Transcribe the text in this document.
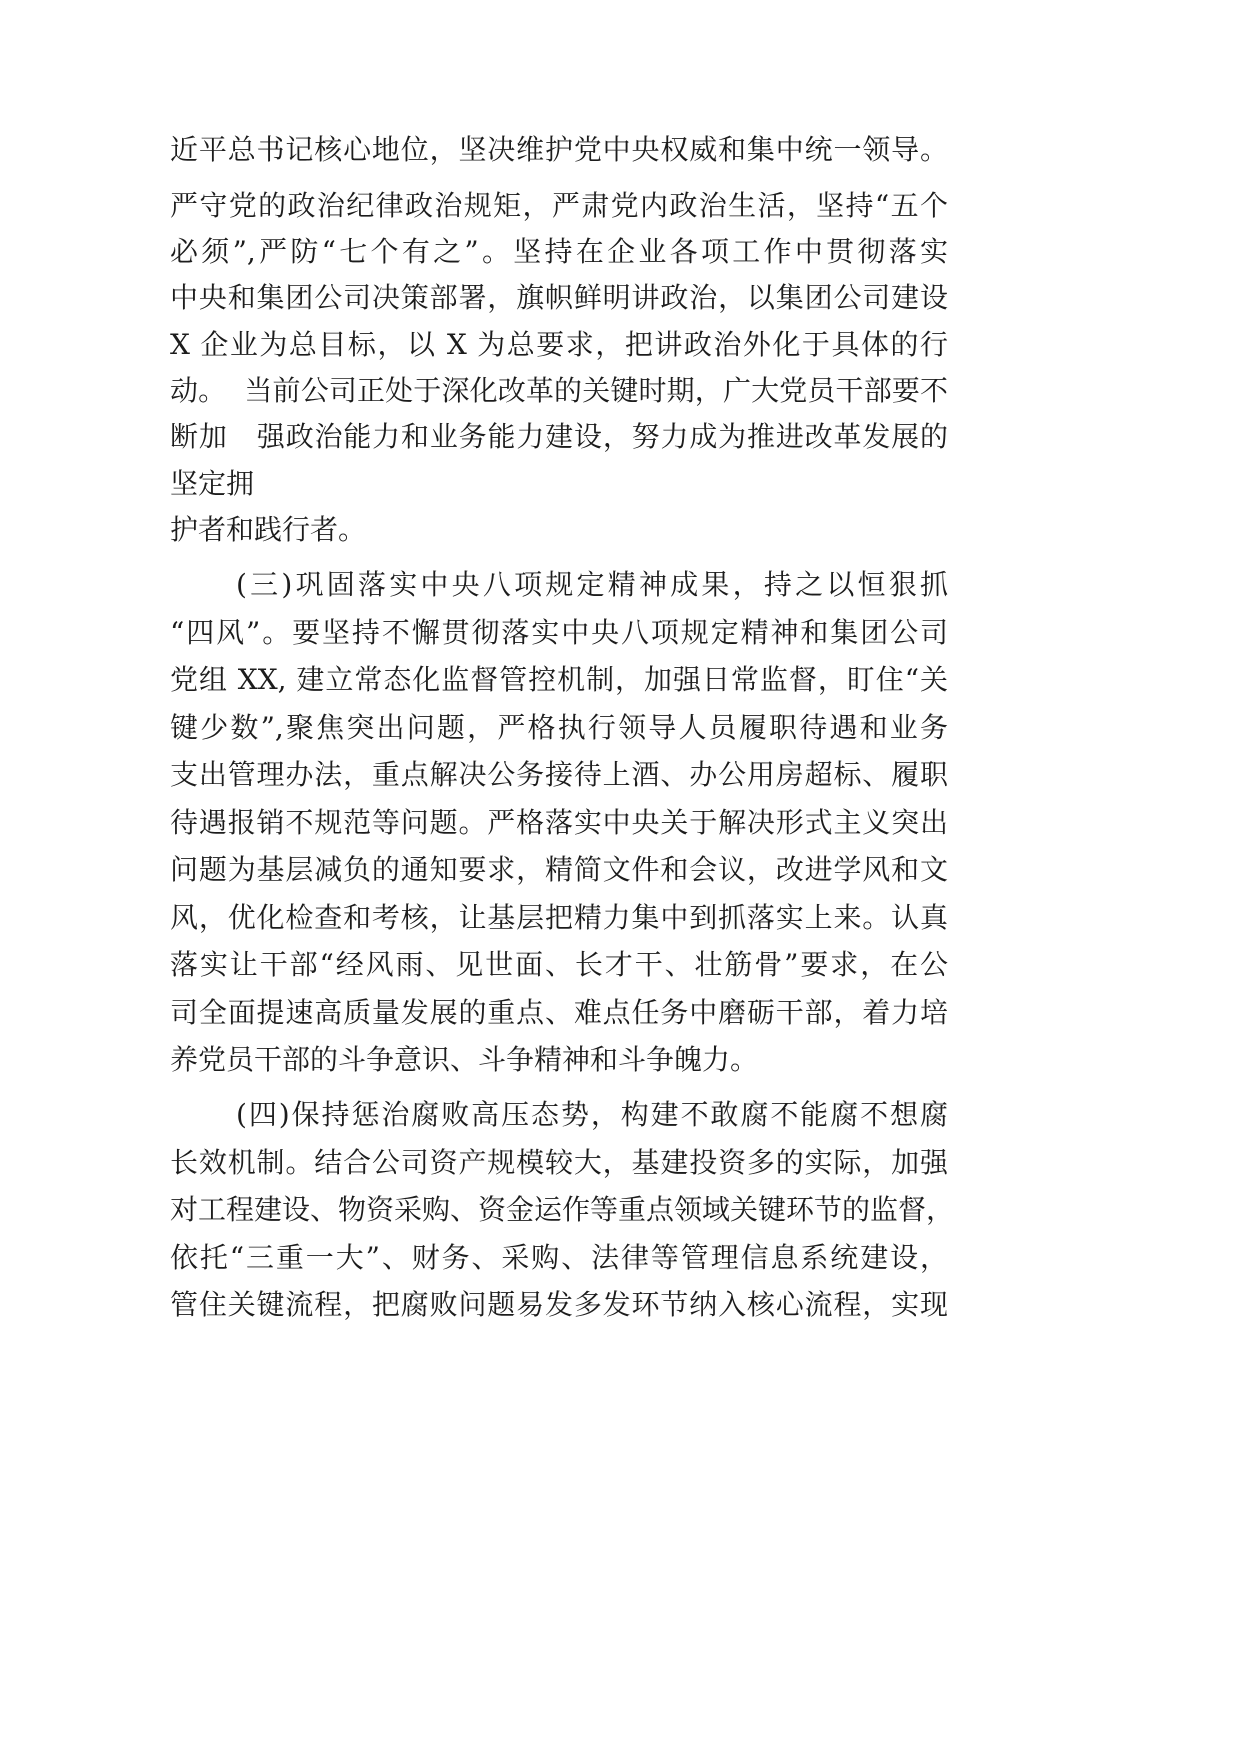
近平总书记核心地位，坚决维护党中央权威和集中统一领导。
严守党的政治纪律政治规矩，严肃党内政治生活，坚持“五个
必须”,严防“七个有之”。坚持在企业各项工作中贯彻落实
中央和集团公司决策部署，旗帜鲜明讲政治，以集团公司建设
X 企业为总目标，以 X 为总要求，把讲政治外化于具体的行
动。  当前公司正处于深化改革的关键时期，广大党员干部要不
断加   强政治能力和业务能力建设，努力成为推进改革发展的
坚定拥
护者和践行者。
(三)巩固落实中央八项规定精神成果，持之以恒狠抓
“四风”。要坚持不懈贯彻落实中央八项规定精神和集团公司
党组 XX, 建立常态化监督管控机制，加强日常监督，盯住“关
键少数”,聚焦突出问题，严格执行领导人员履职待遇和业务
支出管理办法，重点解决公务接待上酒、办公用房超标、履职
待遇报销不规范等问题。严格落实中央关于解决形式主义突出
问题为基层减负的通知要求，精简文件和会议，改进学风和文
风，优化检查和考核，让基层把精力集中到抓落实上来。认真
落实让干部“经风雨、见世面、长才干、壮筋骨”要求，在公
司全面提速高质量发展的重点、难点任务中磨砺干部，着力培
养党员干部的斗争意识、斗争精神和斗争魄力。
(四)保持惩治腐败高压态势，构建不敢腐不能腐不想腐
长效机制。结合公司资产规模较大，基建投资多的实际，加强
对工程建设、物资采购、资金运作等重点领域关键环节的监督，
依托“三重一大”、财务、采购、法律等管理信息系统建设，
管住关键流程，把腐败问题易发多发环节纳入核心流程，实现
